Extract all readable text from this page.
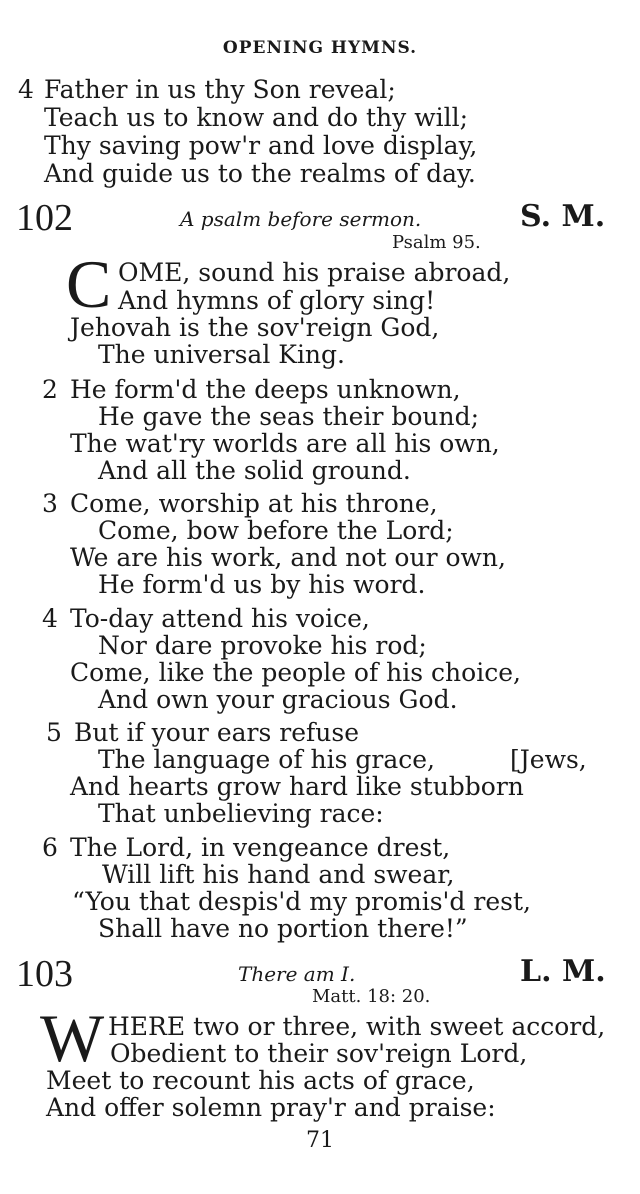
OPENING HYMNS.
4 Father in us thy Son reveal;
Teach us to know and do thy will;
Thy saving pow'r and love display,
And guide us to the realms of day.
102	A psalm before sermon.	S. M.
Psalm 95.
C OME, sound his praise abroad,
And hymns of glory sing!
Jehovah is the sov'reign God,
The universal King.
2 He form'd the deeps unknown,
He gave the seas their bound;
The wat'ry worlds are all his own,
And all the solid ground.
3 Come, worship at his throne,
Come, bow before the Lord;
We are his work, and not our own,
He form'd us by his word.
4 To-day attend his voice,
Nor dare provoke his rod;
Come, like the people of his choice,
And own your gracious God.
5 But if your ears refuse
The language of his grace,	[Jews,
And hearts grow hard like stubborn
That unbelieving race:
6 The Lord, in vengeance drest,
Will lift his hand and swear,
“You that despis'd my promis'd rest,
Shall have no portion there!”
103	There am I.	L. M.
Matt. 18: 20.
W HERE two or three, with sweet accord,
Obedient to their sov'reign Lord,
Meet to recount his acts of grace,
And offer solemn pray'r and praise:
71
